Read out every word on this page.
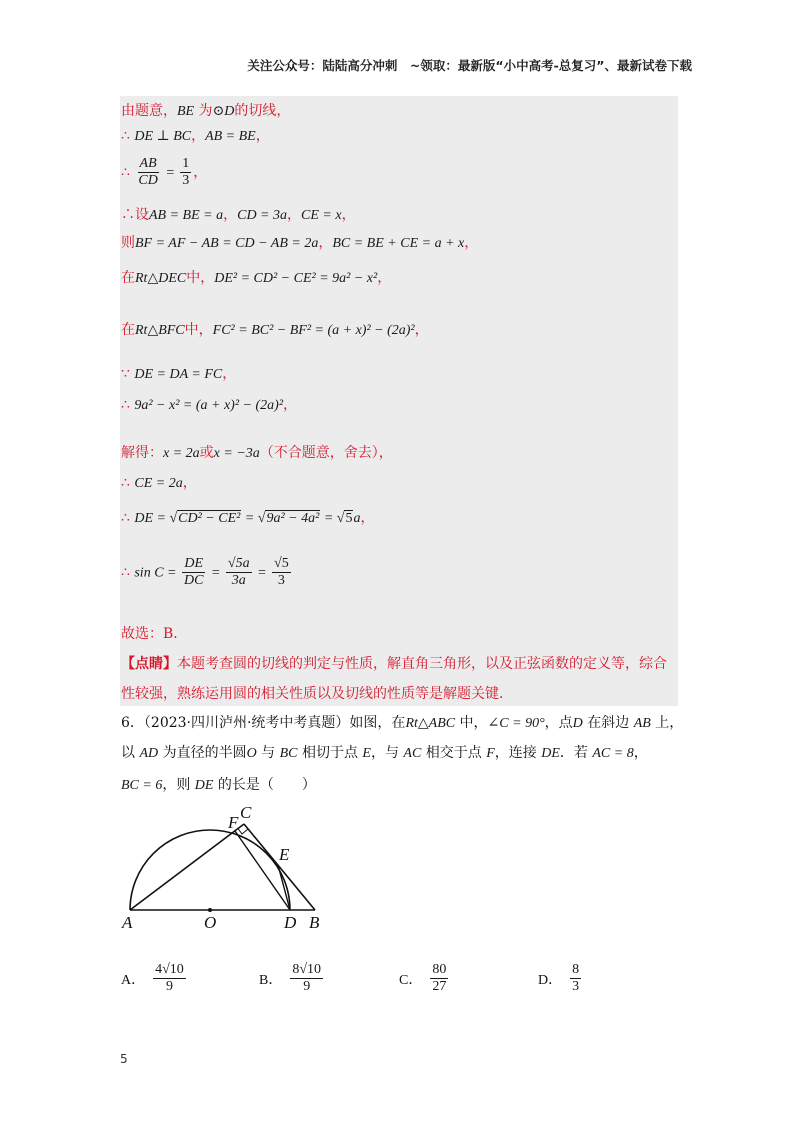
关注公众号：陆陆高分冲刺　~领取：最新版“小中高考-总复习”、最新试卷下载
由题意，BE 为⊙D的切线，
∴ DE ⊥ BC，AB = BE，
∴ $\frac{AB}{CD} = \frac{1}{3}$ ，
∴设AB = BE = a，CD = 3a，CE = x，
则BF = AF − AB = CD − AB = 2a，BC = BE + CE = a + x，
在Rt△DEC中，DE² = CD² − CE² = 9a² − x²，
在Rt△BFC中，FC² = BC² − BF² = (a + x)² − (2a)²，
∵ DE = DA = FC，
∴ 9a² − x² = (a + x)² − (2a)²，
解得：x = 2a或x = −3a（不合题意，舍去），
∴ CE = 2a，
∴ DE = √CD² − CE² = √9a² − 4a² = √5a，
∴ $\sin C = \frac{DE}{DC} = \frac{√5a}{3a} = \frac{√5}{3}$
故选：B．
【点睛】本题考查圆的切线的判定与性质，解直角三角形，以及正弦函数的定义等，综合
性较强，熟练运用圆的相关性质以及切线的性质等是解题关键．
6．（2023·四川泸州·统考中考真题）如图，在Rt△ABC 中，∠C = 90°，点D 在斜边 AB 上，
以 AD 为直径的半圆O 与 BC 相切于点 E，与 AC 相交于点 F，连接 DE．若 AC = 8，
BC = 6，则 DE 的长是（　　）
A	O	D B
C
E
F
A． $\frac{4√10}{9}$	B． $\frac{8√10}{9}$	C． $\frac{80}{27}$	D． $\frac{8}{3}$
5
